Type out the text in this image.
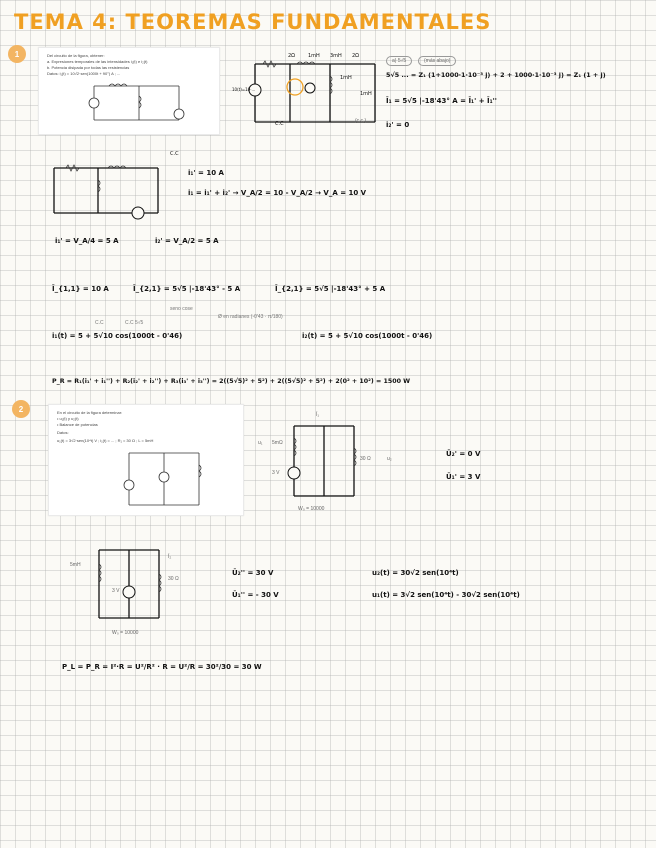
TEMA 4: TEOREMAS FUNDAMENTALES
1	Del circuito de la figura, obtener:
a. Expresiones temporales de las intensidades i₁(t) e i₂(t)
b. Potencia disipada por todas las resistencias
Datos: i₁(t) = 10√2·sen(1000t + 90°) A ; ...
2Ω	1mH 3mH 2Ω
10(t)=10·...
C.C
1mH
1mH
a) 5√5	(más abajo)
5√5 ... = Z₁ (1+1000·1·10⁻³ j) + 2 + 1000·1·10⁻³ j) = Z₁ (1 + j)
Ī₁ = 5√5 |-18'43° A = Ī₁' + Ī₁''
i₂' = 0
(c.c.)
C.C
i₁' = 10 A
i₁ = i₁' + i₂' → V_A/2 = 10 - V_A/2 → V_A = 10 V
i₁' = V_A/4 = 5 A	i₂' = V_A/2 = 5 A
Ī_{1,1} = 10 A	Ī_{2,1} = 5√5 |-18'43° - 5 A	Ī_{2,1} = 5√5 |-18'43° + 5 A
seno cose
C.C	C.C 5√5
Ø en radianes (-0'43 · π/180)
i₁(t) = 5 + 5√10 cos(1000t - 0'46)	i₂(t) = 5 + 5√10 cos(1000t - 0'46)
P_R = R₁(i₁' + i₁'') + R₂(i₂' + i₂'') + R₃(i₃' + i₃'') = 2((5√5)² + 5²) + 2((5√5)² + 5²) + 2(0² + 10²) = 1500 W
2	En el circuito de la figura determinar:
• u₁(t) y u₂(t)
• Balance de potencias
Datos:
u₁(t) = 3√2·sen(10⁴t) V ; i₁(t) = ... ; R₁ = 30 Ω ; L = 5mH	u₁ 5mΩ
3 V
30 Ω	u₂
Ī₁
W₀ = 10000
Ū₂' = 0 V
Ū₁' = 3 V
5mH
3 V
30 Ω
Ī₂
W₀ = 10000
Ū₂'' = 30 V
Ū₁'' = - 30 V
u₂(t) = 30√2 sen(10⁴t)
u₁(t) = 3√2 sen(10⁴t) - 30√2 sen(10⁴t)
P_L = P_R = I²·R = U²/R² · R = U²/R = 30²/30 = 30 W
